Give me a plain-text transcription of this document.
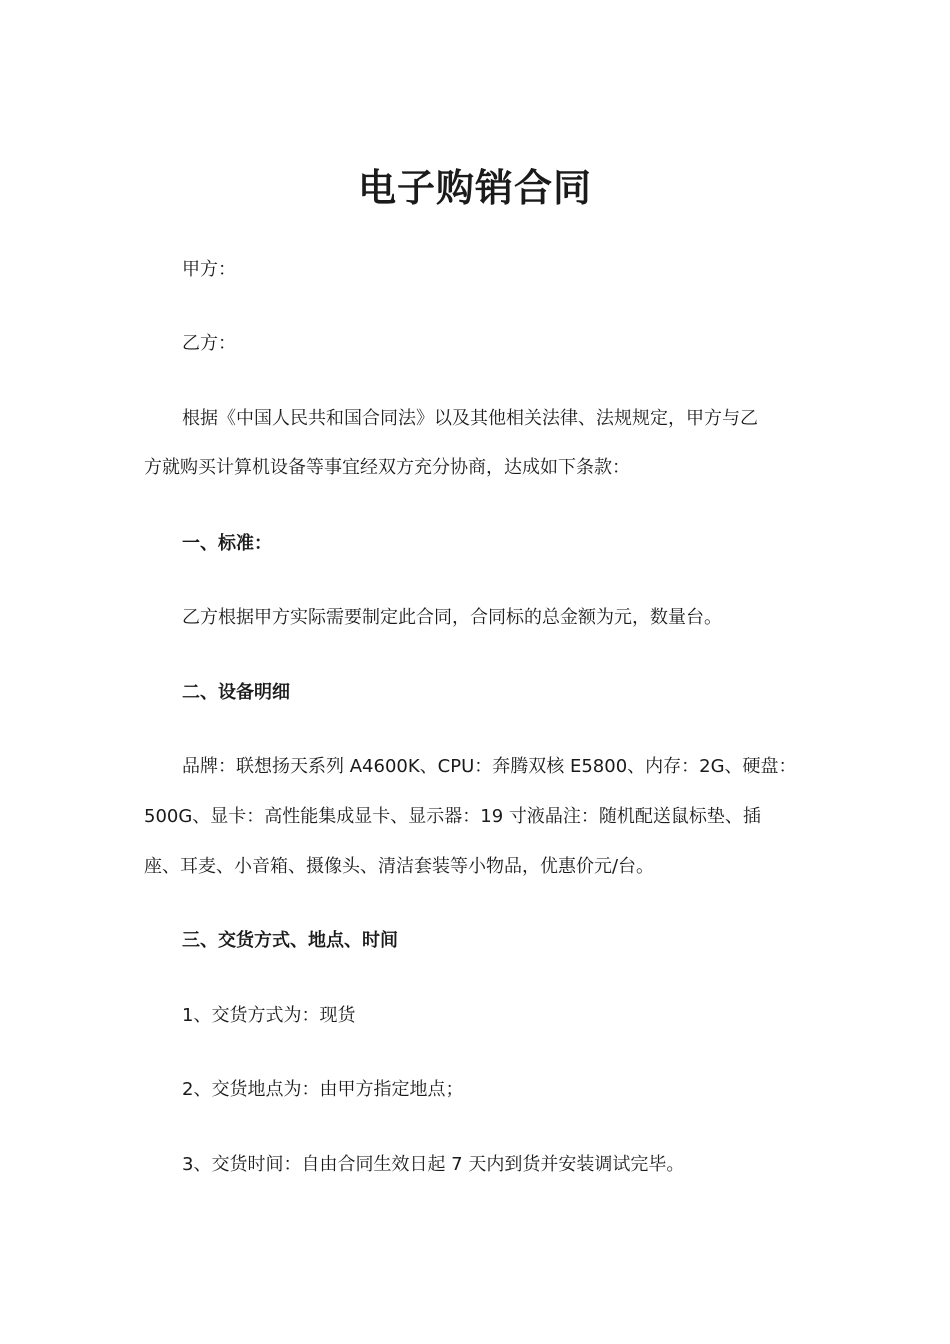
电子购销合同
甲方：
乙方：
根据《中国人民共和国合同法》以及其他相关法律、法规规定，甲方与乙
方就购买计算机设备等事宜经双方充分协商，达成如下条款：
一、标准：
乙方根据甲方实际需要制定此合同，合同标的总金额为元，数量台。
二、设备明细
品牌：联想扬天系列 A4600K、CPU：奔腾双核 E5800、内存：2G、硬盘：
500G、显卡：高性能集成显卡、显示器：19 寸液晶注：随机配送鼠标垫、插
座、耳麦、小音箱、摄像头、清洁套装等小物品，优惠价元/台。
三、交货方式、地点、时间
1、交货方式为：现货
2、交货地点为：由甲方指定地点；
3、交货时间：自由合同生效日起 7 天内到货并安装调试完毕。
